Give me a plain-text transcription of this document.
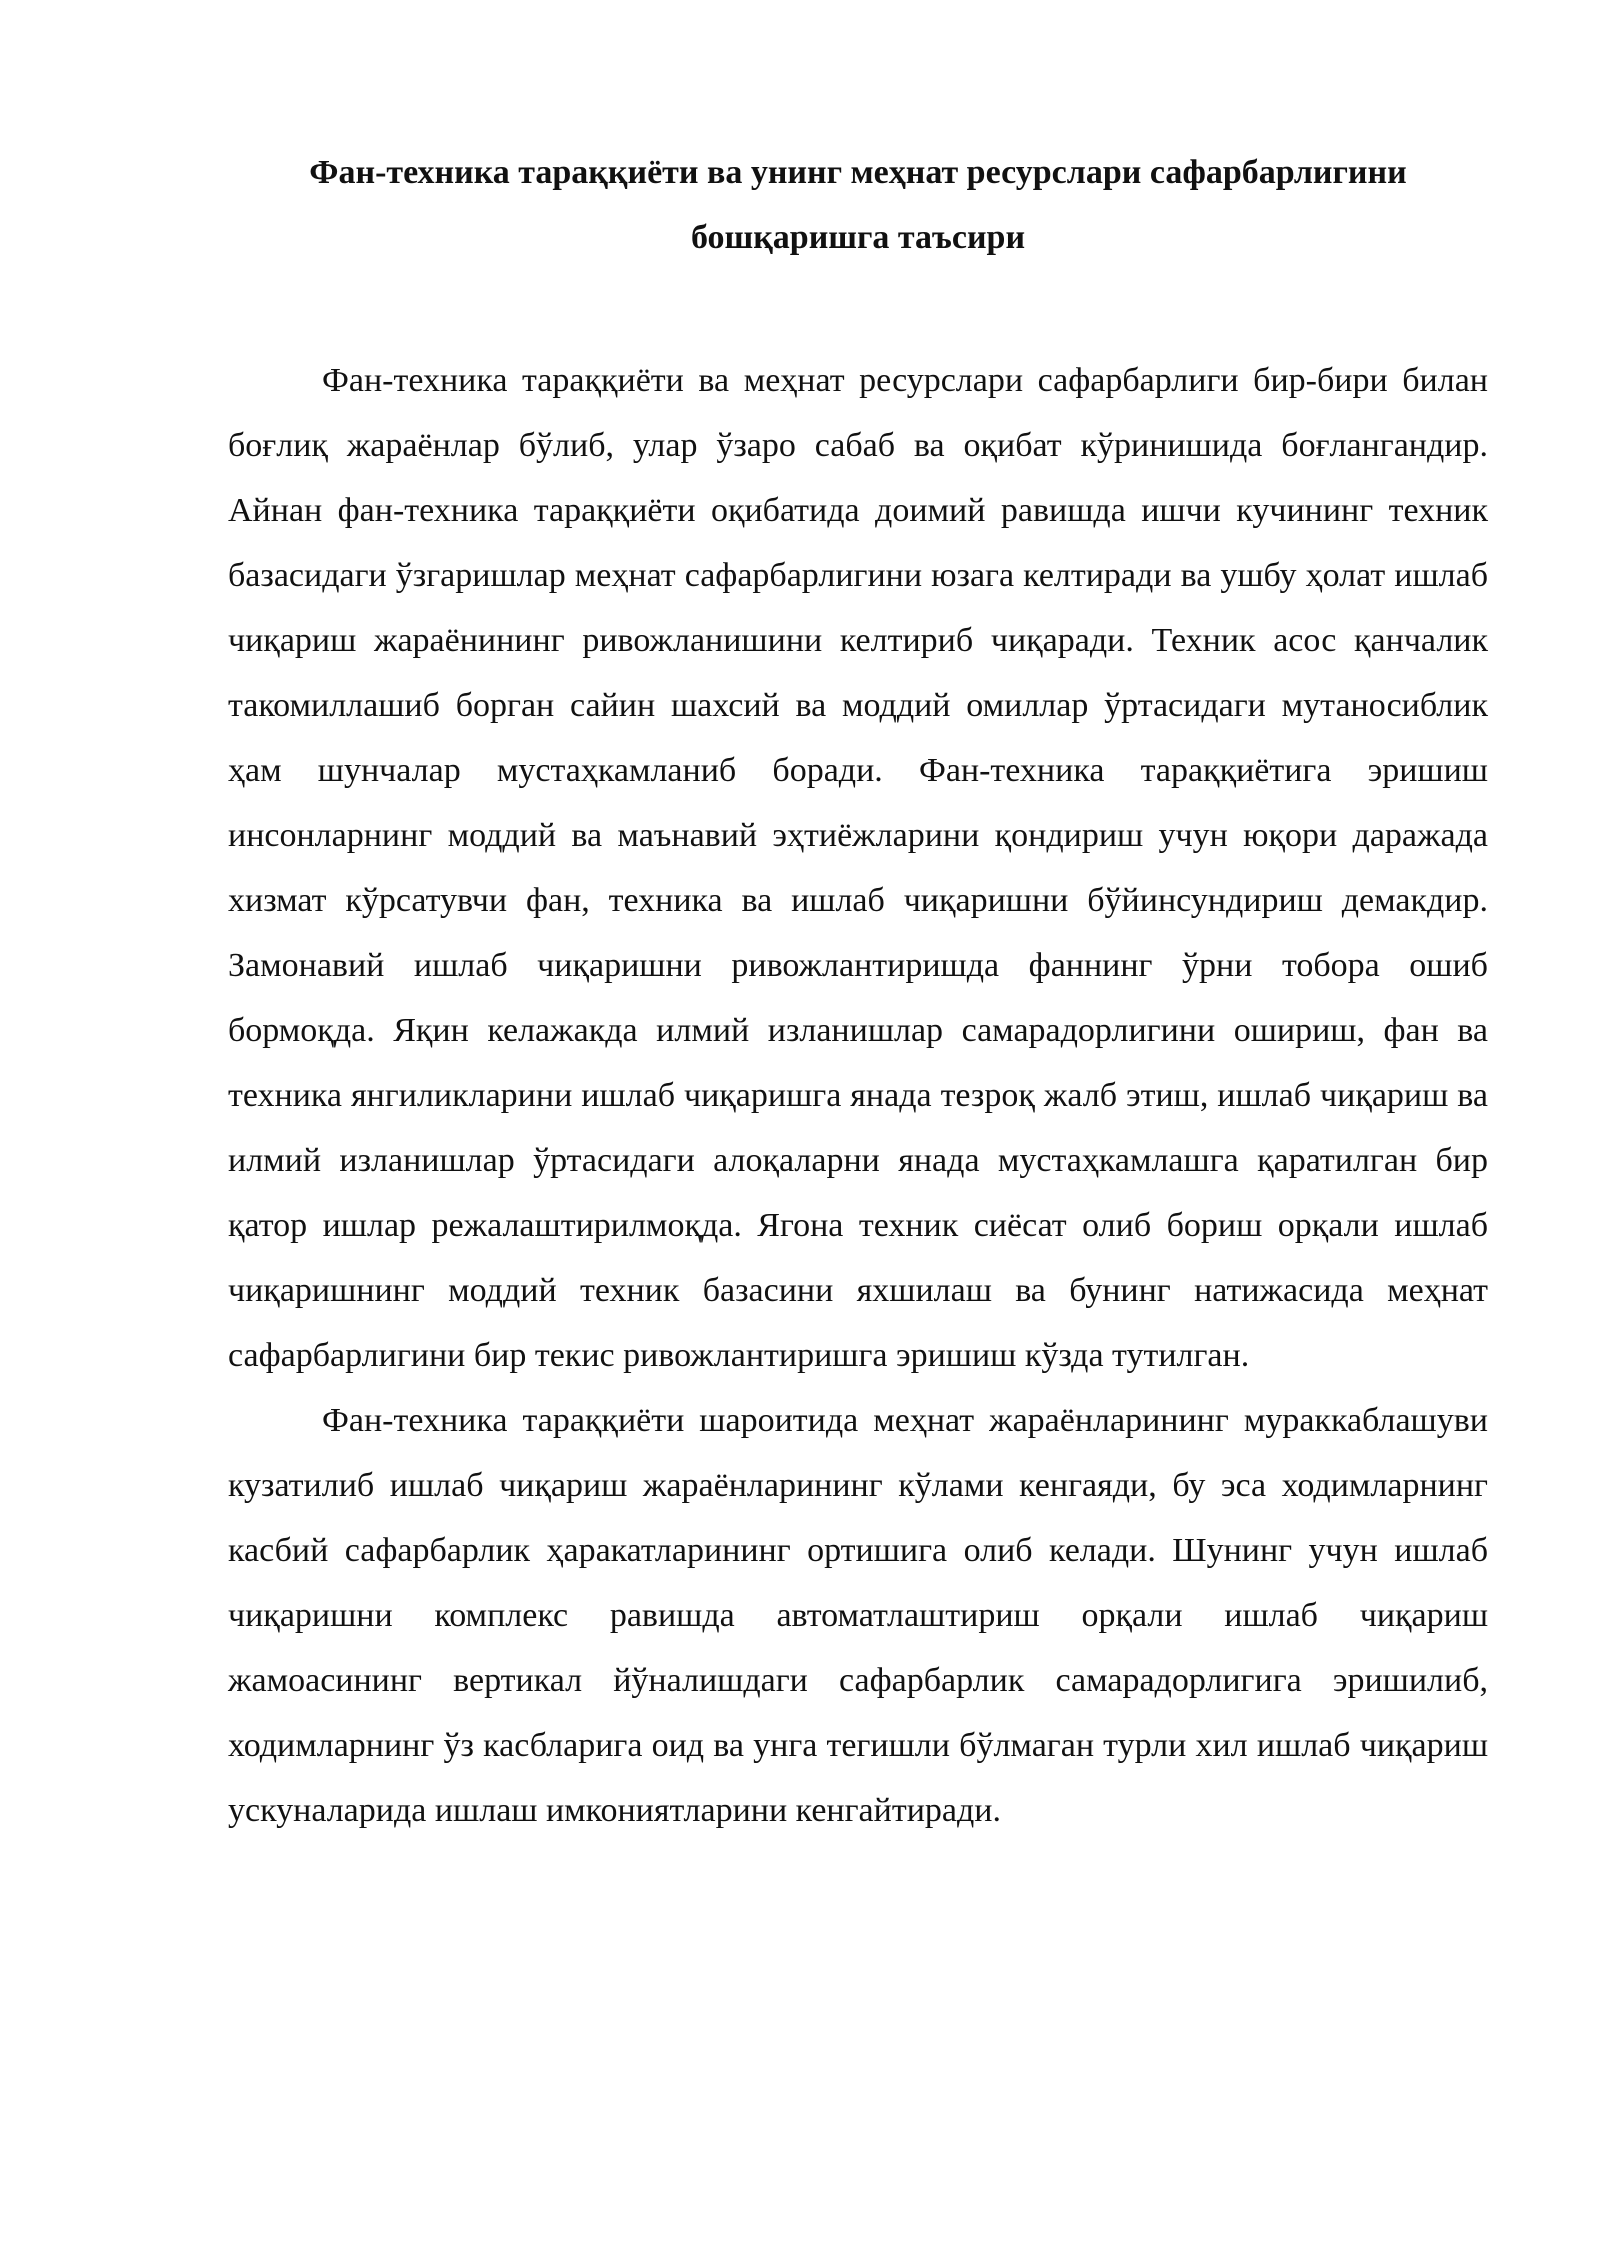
Фан-техника тараққиёти ва унинг меҳнат ресурслари сафарбарлигини
бошқаришга таъсири

Фан-техника тараққиёти ва меҳнат ресурслари сафарбарлиги бир-бири билан боғлиқ жараёнлар бўлиб, улар ўзаро сабаб ва оқибат кўринишида боғлангандир. Айнан фан-техника тараққиёти оқибатида доимий равишда ишчи кучининг техник базасидаги ўзгаришлар меҳнат сафарбарлигини юзага келтиради ва ушбу ҳолат ишлаб чиқариш жараёнининг ривожланишини келтириб чиқаради. Техник асос қанчалик такомиллашиб борган сайин шахсий ва моддий омиллар ўртасидаги мутаносиблик ҳам шунчалар мустаҳкамланиб боради. Фан-техника тараққиётига эришиш инсонларнинг моддий ва маънавий эҳтиёжларини қондириш учун юқори даражада хизмат кўрсатувчи фан, техника ва ишлаб чиқаришни бўйинсундириш демакдир. Замонавий ишлаб чиқаришни ривожлантиришда фаннинг ўрни тобора ошиб бормоқда. Яқин келажакда илмий изланишлар самарадорлигини ошириш, фан ва техника янгиликларини ишлаб чиқаришга янада тезроқ жалб этиш, ишлаб чиқариш ва илмий изланишлар ўртасидаги алоқаларни янада мустаҳкамлашга қаратилган бир қатор ишлар режалаштирилмоқда. Ягона техник сиёсат олиб бориш орқали ишлаб чиқаришнинг моддий техник базасини яхшилаш ва бунинг натижасида меҳнат сафарбарлигини бир текис ривожлантиришга эришиш кўзда тутилган.

Фан-техника тараққиёти шароитида меҳнат жараёнларининг мураккаблашуви кузатилиб ишлаб чиқариш жараёнларининг кўлами кенгаяди, бу эса ходимларнинг касбий сафарбарлик ҳаракатларининг ортишига олиб келади. Шунинг учун ишлаб чиқаришни комплекс равишда автоматлаштириш орқали ишлаб чиқариш жамоасининг вертикал йўналишдаги сафарбарлик самарадорлигига эришилиб, ходимларнинг ўз касбларига оид ва унга тегишли бўлмаган турли хил ишлаб чиқариш ускуналарида ишлаш имкониятларини кенгайтиради.
